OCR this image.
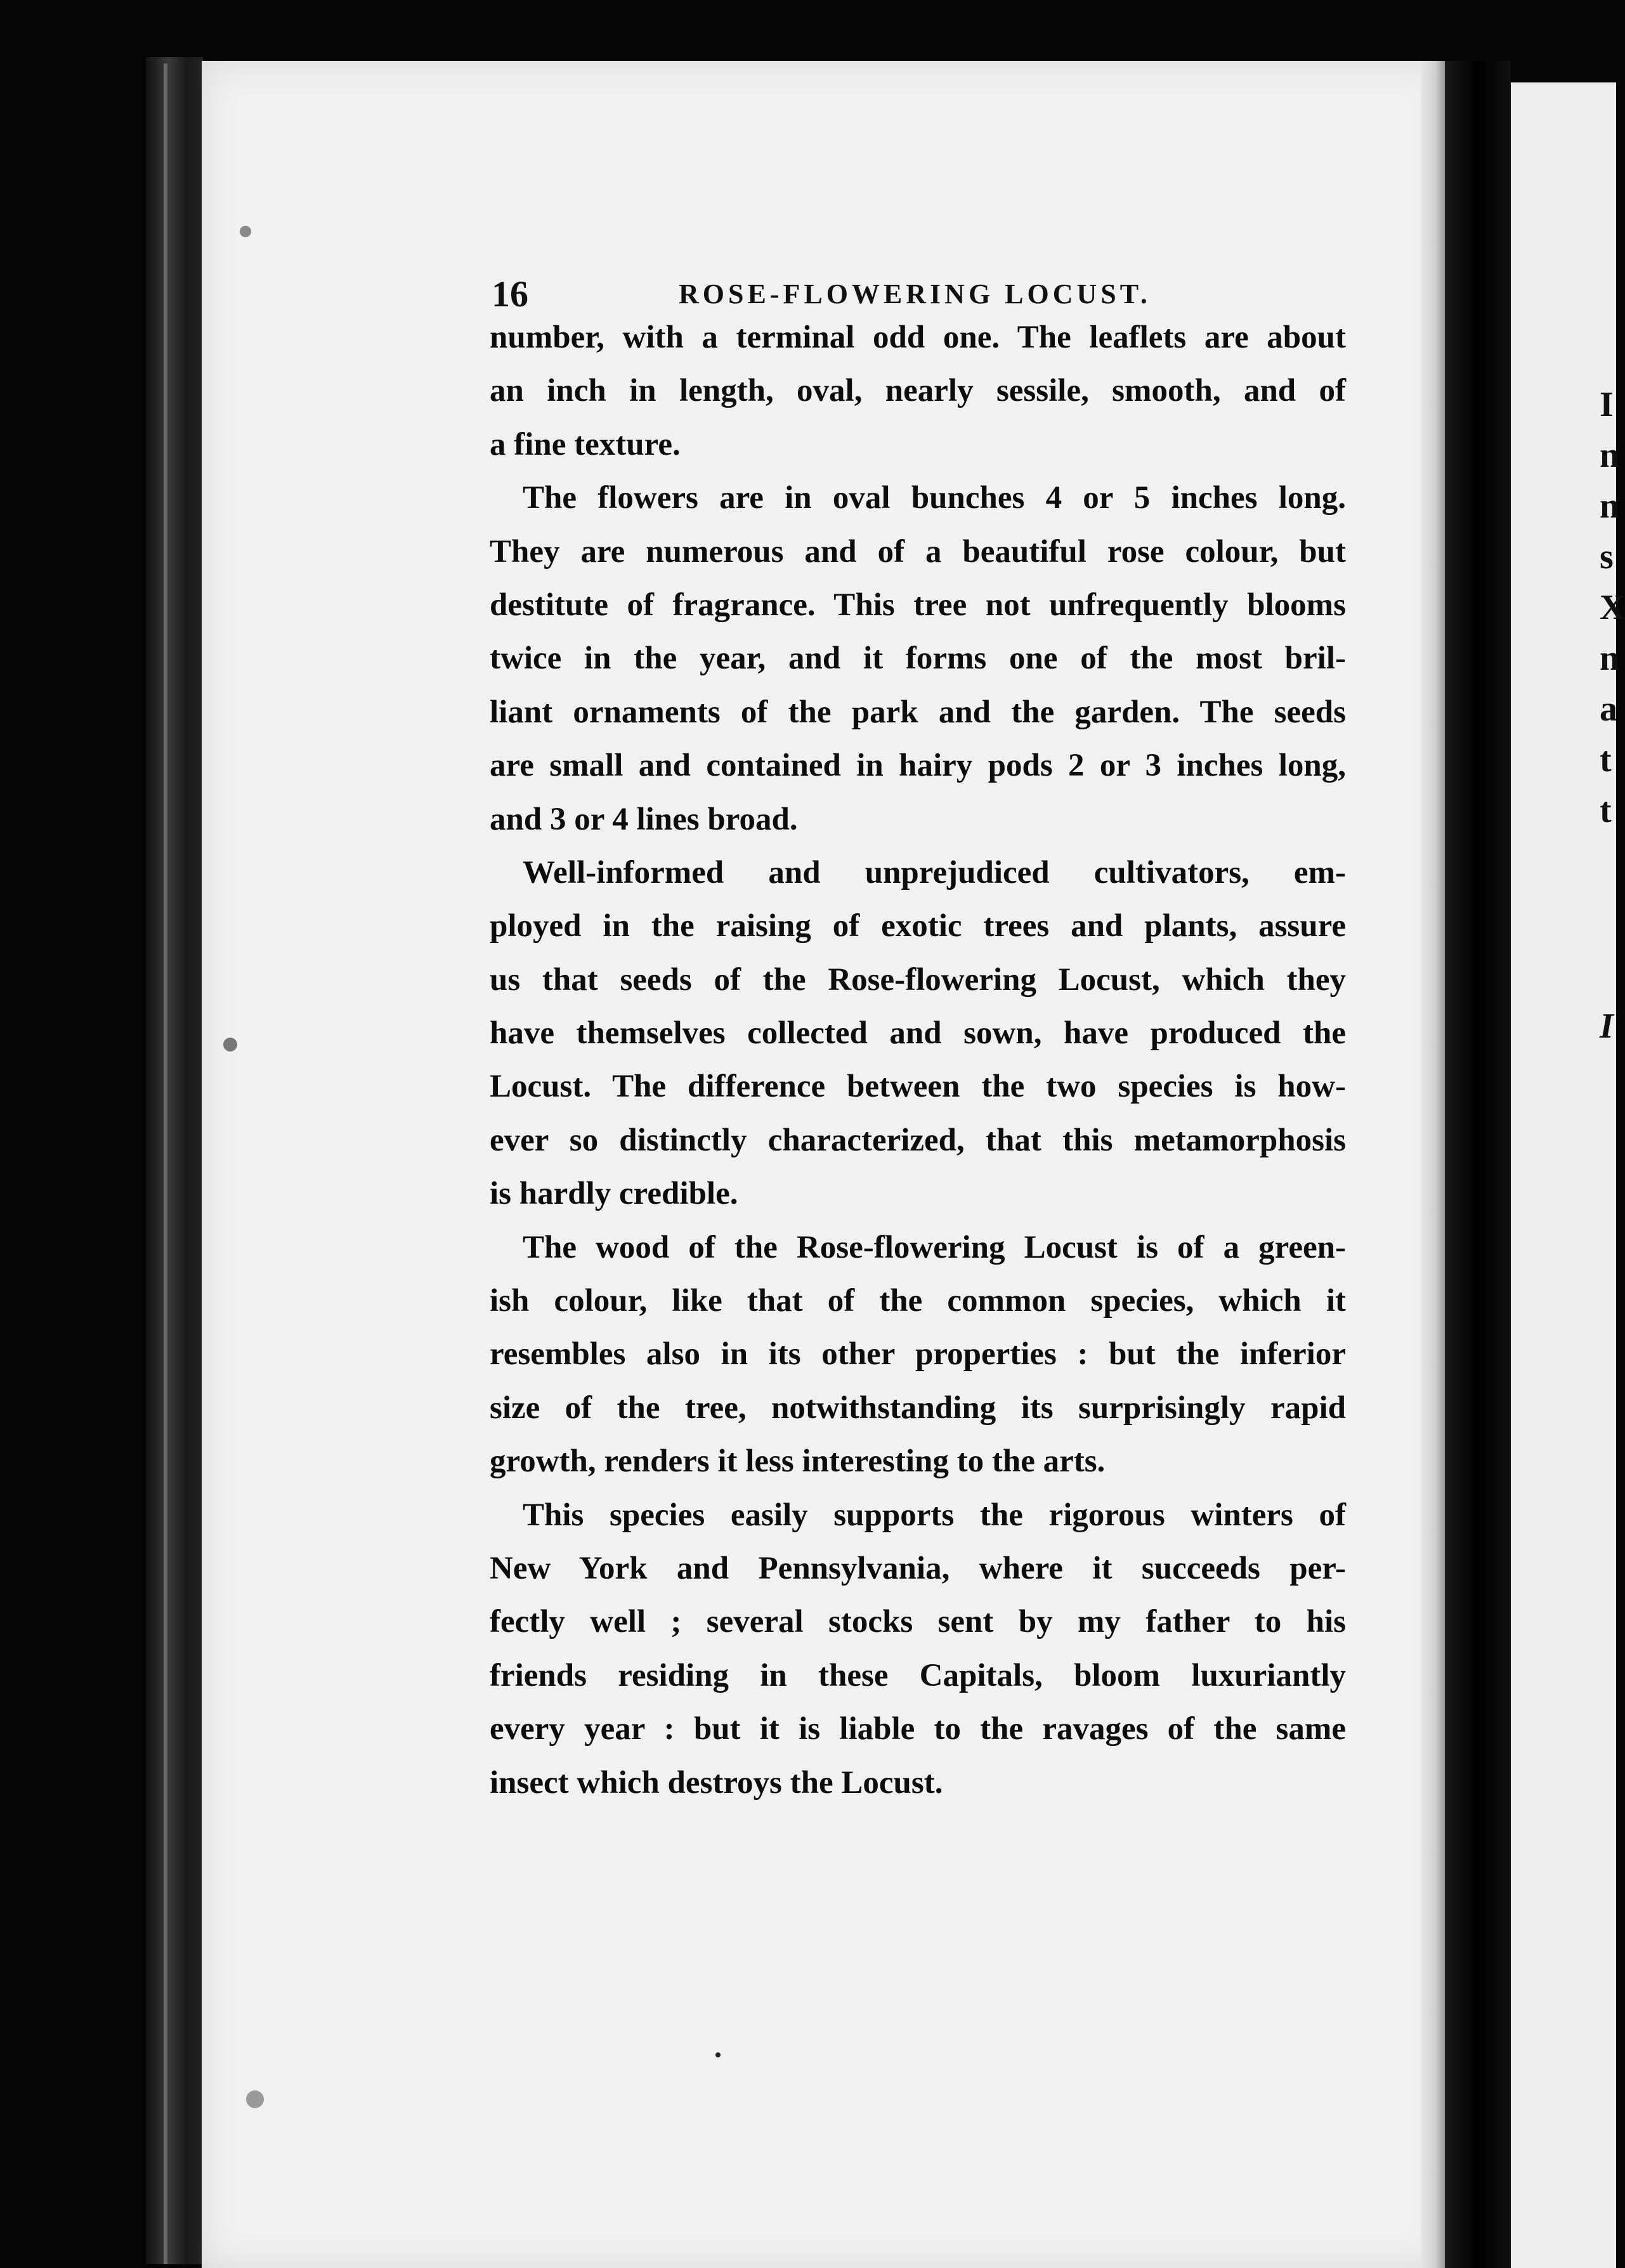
I
n
n
s
X
n
a
t
t
I
16	ROSE-FLOWERING LOCUST.
number, with a terminal odd one. The leaflets are about
an inch in length, oval, nearly sessile, smooth, and of
a fine texture.
The flowers are in oval bunches 4 or 5 inches long.
They are numerous and of a beautiful rose colour, but
destitute of fragrance. This tree not unfrequently blooms
twice in the year, and it forms one of the most bril-
liant ornaments of the park and the garden. The seeds
are small and contained in hairy pods 2 or 3 inches long,
and 3 or 4 lines broad.
Well-informed and unprejudiced cultivators, em-
ployed in the raising of exotic trees and plants, assure
us that seeds of the Rose-flowering Locust, which they
have themselves collected and sown, have produced the
Locust. The difference between the two species is how-
ever so distinctly characterized, that this metamorphosis
is hardly credible.
The wood of the Rose-flowering Locust is of a green-
ish colour, like that of the common species, which it
resembles also in its other properties : but the inferior
size of the tree, notwithstanding its surprisingly rapid
growth, renders it less interesting to the arts.
This species easily supports the rigorous winters of
New York and Pennsylvania, where it succeeds per-
fectly well ; several stocks sent by my father to his
friends residing in these Capitals, bloom luxuriantly
every year : but it is liable to the ravages of the same
insect which destroys the Locust.
